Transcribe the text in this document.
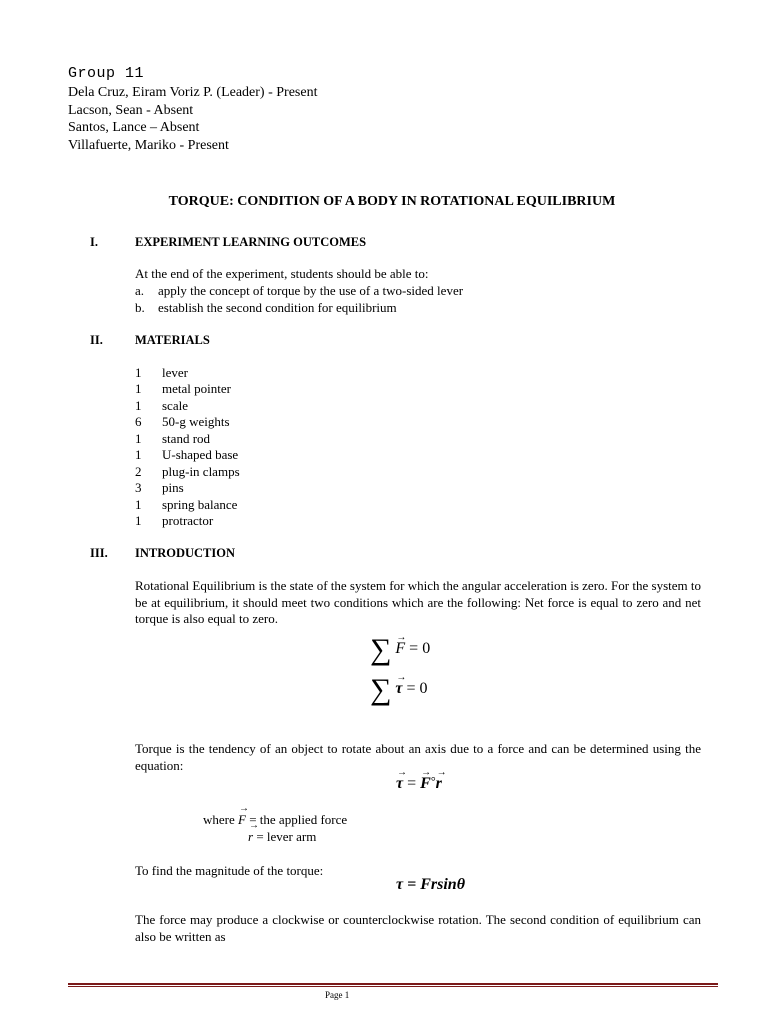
Group 11
Dela Cruz, Eiram Voriz P. (Leader) - Present
Lacson, Sean - Absent
Santos, Lance – Absent
Villafuerte, Mariko - Present
TORQUE: CONDITION OF A BODY IN ROTATIONAL EQUILIBRIUM
I.	EXPERIMENT LEARNING OUTCOMES
At the end of the experiment, students should be able to:
a. apply the concept of torque by the use of a two-sided lever
b. establish the second condition for equilibrium
II.	MATERIALS
1 lever
1 metal pointer
1 scale
6 50-g weights
1 stand rod
1 U-shaped base
2 plug-in clamps
3 pins
1 spring balance
1 protractor
III. INTRODUCTION
Rotational Equilibrium is the state of the system for which the angular acceleration is zero. For the system to be at equilibrium, it should meet two conditions which are the following: Net force is equal to zero and net torque is also equal to zero.
∑ → F = 0
∑ → τ = 0
Torque is the tendency of an object to rotate about an axis due to a force and can be determined using the equation:
→ τ = → F°→ r
where → F = the applied force
→ r = lever arm
To find the magnitude of the torque:
τ = Frsinθ
The force may produce a clockwise or counterclockwise rotation. The second condition of equilibrium can also be written as
Page 1
